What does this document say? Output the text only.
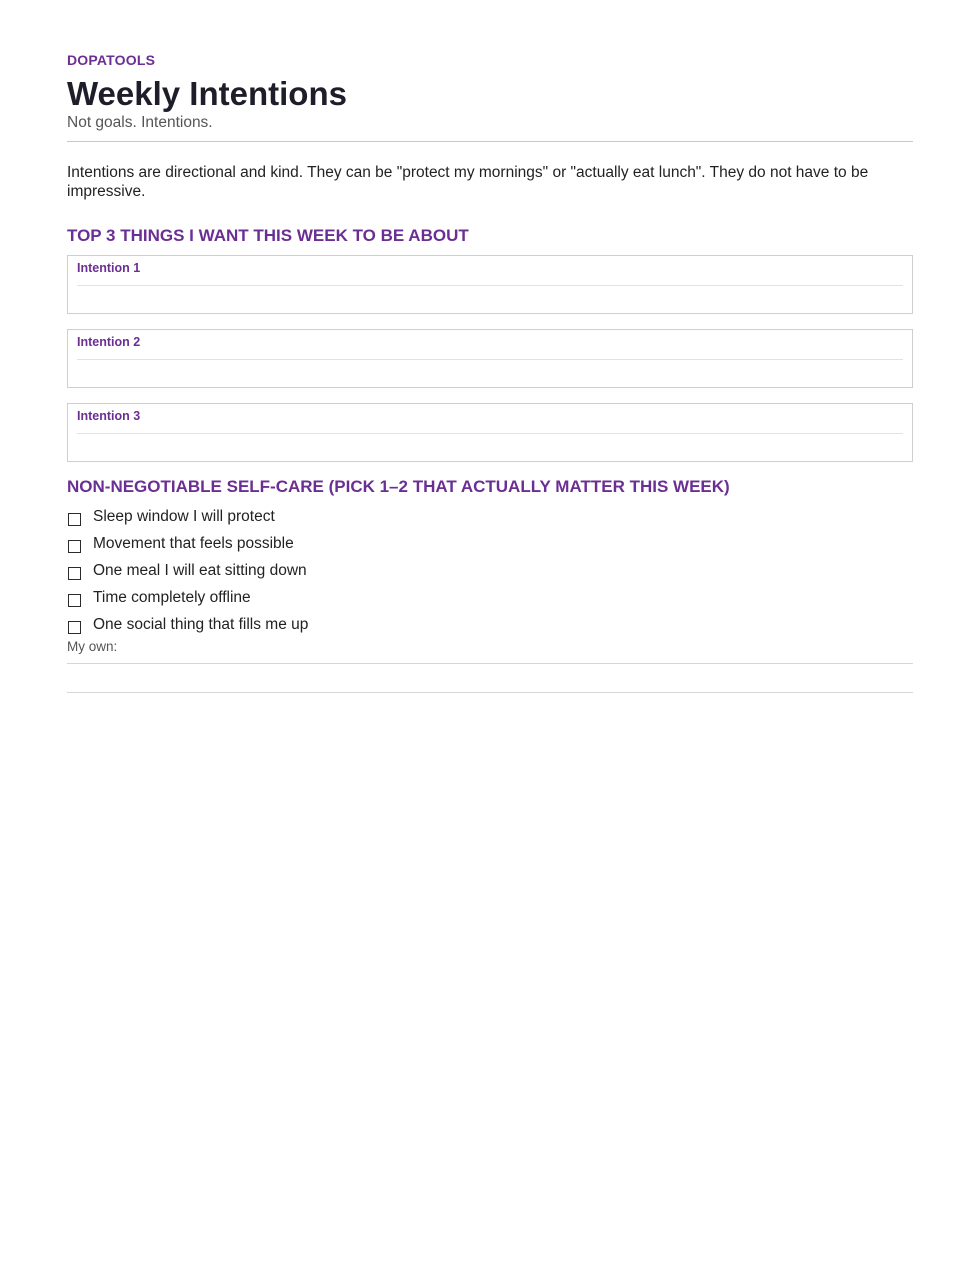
DOPATOOLS
Weekly Intentions
Not goals. Intentions.
Intentions are directional and kind. They can be "protect my mornings" or "actually eat lunch". They do not have to be impressive.
TOP 3 THINGS I WANT THIS WEEK TO BE ABOUT
Intention 1
Intention 2
Intention 3
NON-NEGOTIABLE SELF-CARE (PICK 1–2 THAT ACTUALLY MATTER THIS WEEK)
Sleep window I will protect
Movement that feels possible
One meal I will eat sitting down
Time completely offline
One social thing that fills me up
My own:
